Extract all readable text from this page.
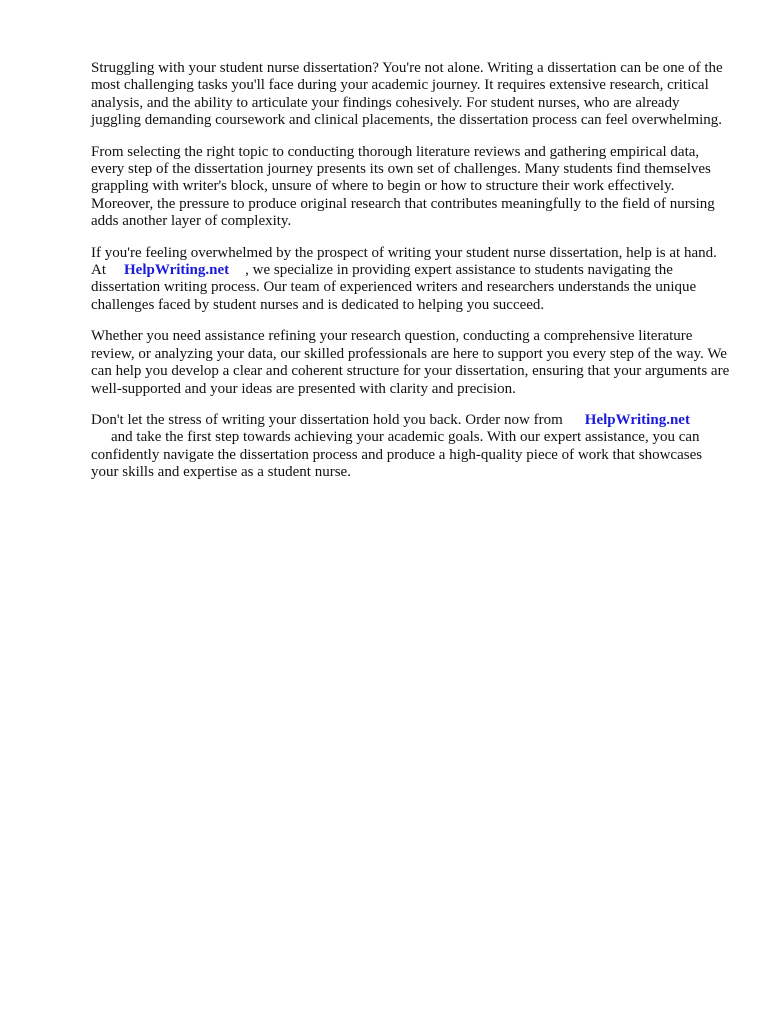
Struggling with your student nurse dissertation? You're not alone. Writing a dissertation can be one of the most challenging tasks you'll face during your academic journey. It requires extensive research, critical analysis, and the ability to articulate your findings cohesively. For student nurses, who are already juggling demanding coursework and clinical placements, the dissertation process can feel overwhelming.

From selecting the right topic to conducting thorough literature reviews and gathering empirical data, every step of the dissertation journey presents its own set of challenges. Many students find themselves grappling with writer's block, unsure of where to begin or how to structure their work effectively. Moreover, the pressure to produce original research that contributes meaningfully to the field of nursing adds another layer of complexity.

If you're feeling overwhelmed by the prospect of writing your student nurse dissertation, help is at hand. At HelpWriting.net , we specialize in providing expert assistance to students navigating the dissertation writing process. Our team of experienced writers and researchers understands the unique challenges faced by student nurses and is dedicated to helping you succeed.

Whether you need assistance refining your research question, conducting a comprehensive literature review, or analyzing your data, our skilled professionals are here to support you every step of the way. We can help you develop a clear and coherent structure for your dissertation, ensuring that your arguments are well-supported and your ideas are presented with clarity and precision.

Don't let the stress of writing your dissertation hold you back. Order now from HelpWriting.net
and take the first step towards achieving your academic goals. With our expert assistance, you can confidently navigate the dissertation process and produce a high-quality piece of work that showcases your skills and expertise as a student nurse.
